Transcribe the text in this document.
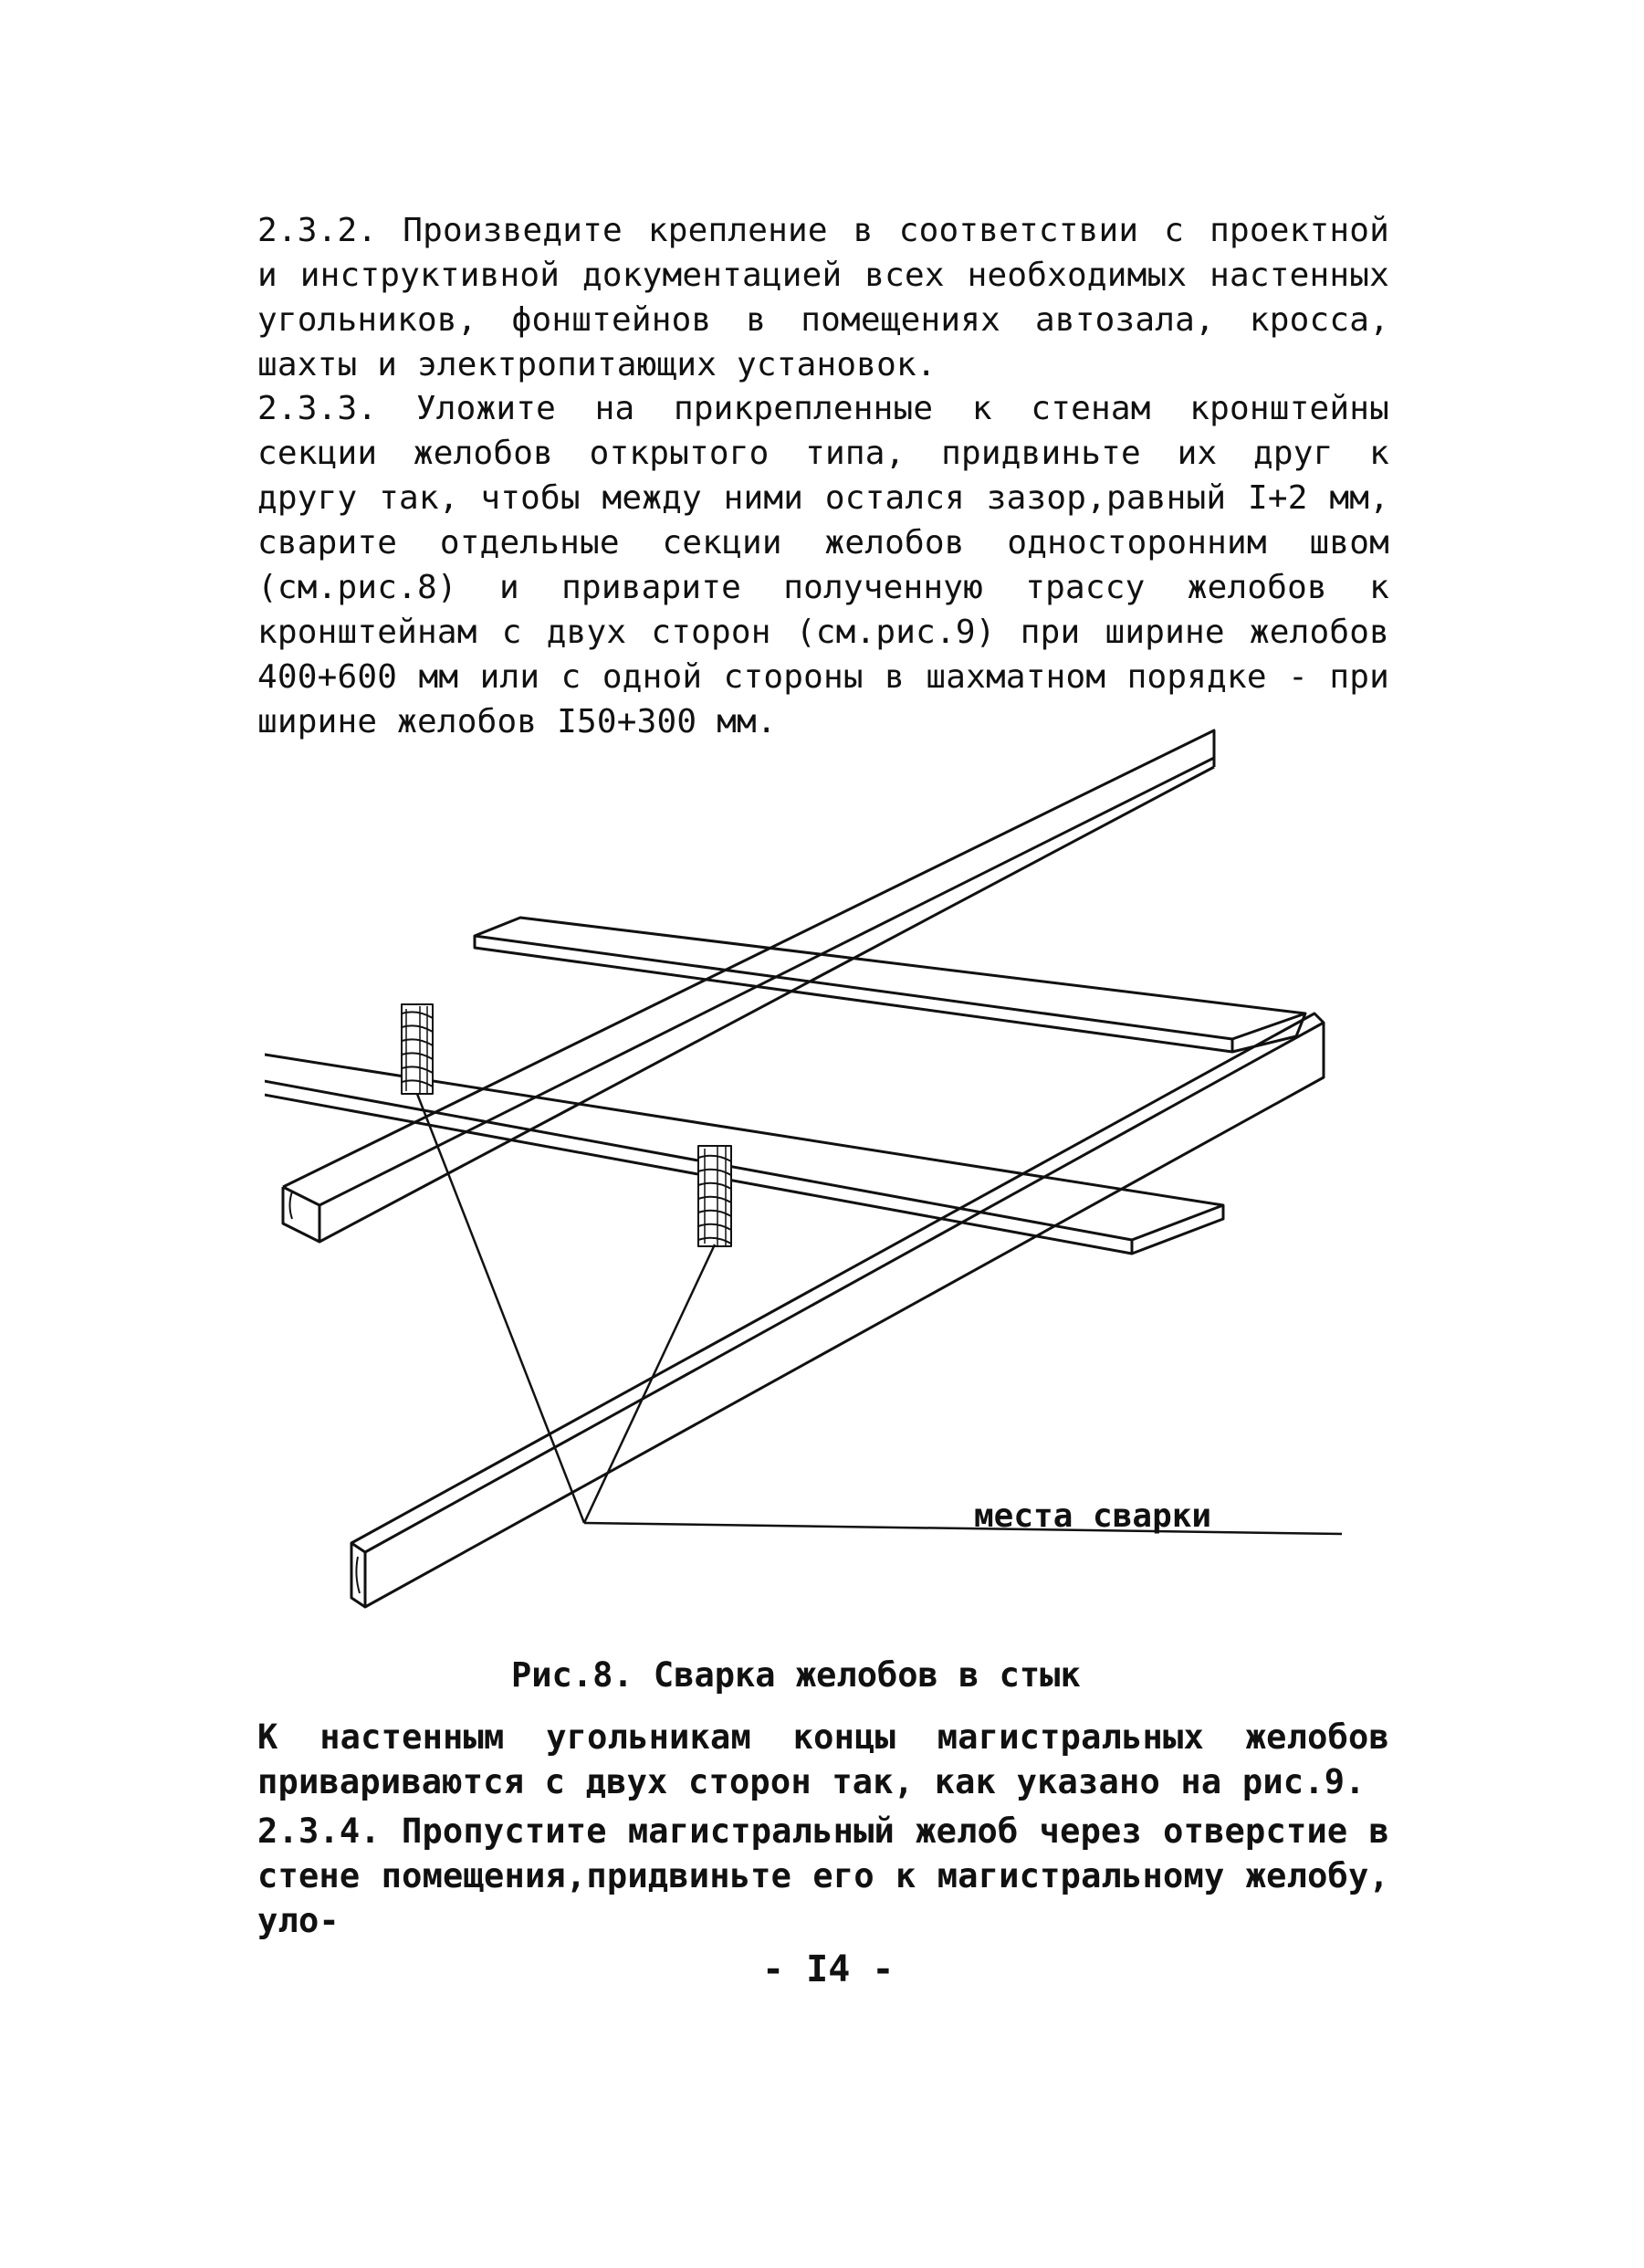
2.3.2. Произведите крепление в соответствии с проектной и инструктивной документацией всех необходимых настенных угольников, фонштейнов в помещениях автозала, кросса, шахты и электропитающих установок.
2.3.3. Уложите на прикрепленные к стенам кронштейны секции желобов открытого типа, придвиньте их друг к другу так, чтобы между ними остался зазор,равный I+2 мм, сварите отдельные секции желобов односторонним швом (см.рис.8) и приварите полученную трассу желобов к кронштейнам с двух сторон (см.рис.9) при ширине желобов 400+600 мм или с одной стороны в шахматном порядке - при ширине желобов I50+300 мм.
места сварки
Рис.8. Сварка желобов в стык
К настенным угольникам концы магистральных желобов привариваются с двух сторон так, как указано на рис.9.
2.3.4. Пропустите магистральный желоб через отверстие в стене помещения,придвиньте его к магистральному желобу, уло-
- I4 -
